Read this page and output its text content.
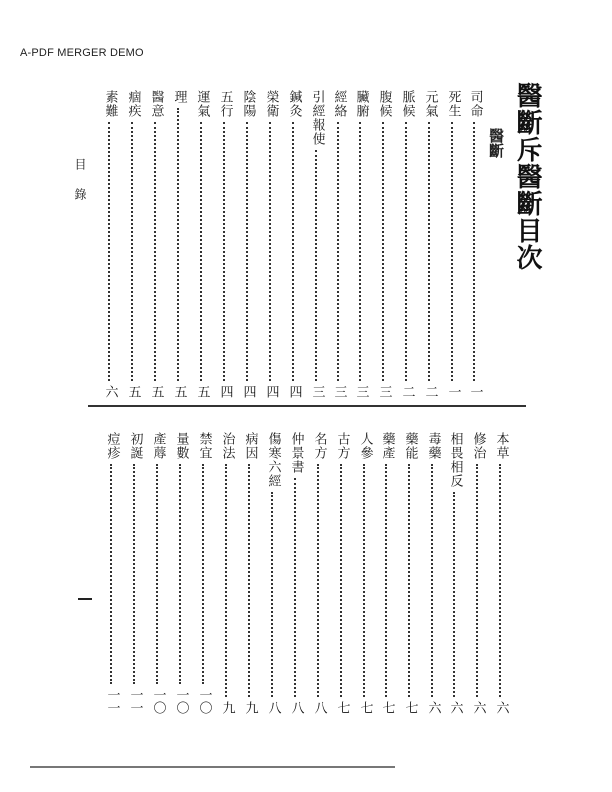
A-PDF MERGER DEMO
醫斷斥醫斷目次
醫斷
目
錄
司命
一
死生
一
元氣
二
脈候
二
腹候
三
臟腑
三
經絡
三
引經報使
三
鍼灸
四
榮衛
四
陰陽
四
五行
四
運氣
五
理
五
醫意
五
痼疾
五
素難
六
本草
六
修治
六
相畏相反
六
毒藥
六
藥能
七
藥產
七
人參
七
古方
七
名方
八
仲景書
八
傷寒六經
八
病因
九
治法
九
禁宜
一〇
量數
一〇
產蓐
一〇
初誕
一一
痘疹
一一
